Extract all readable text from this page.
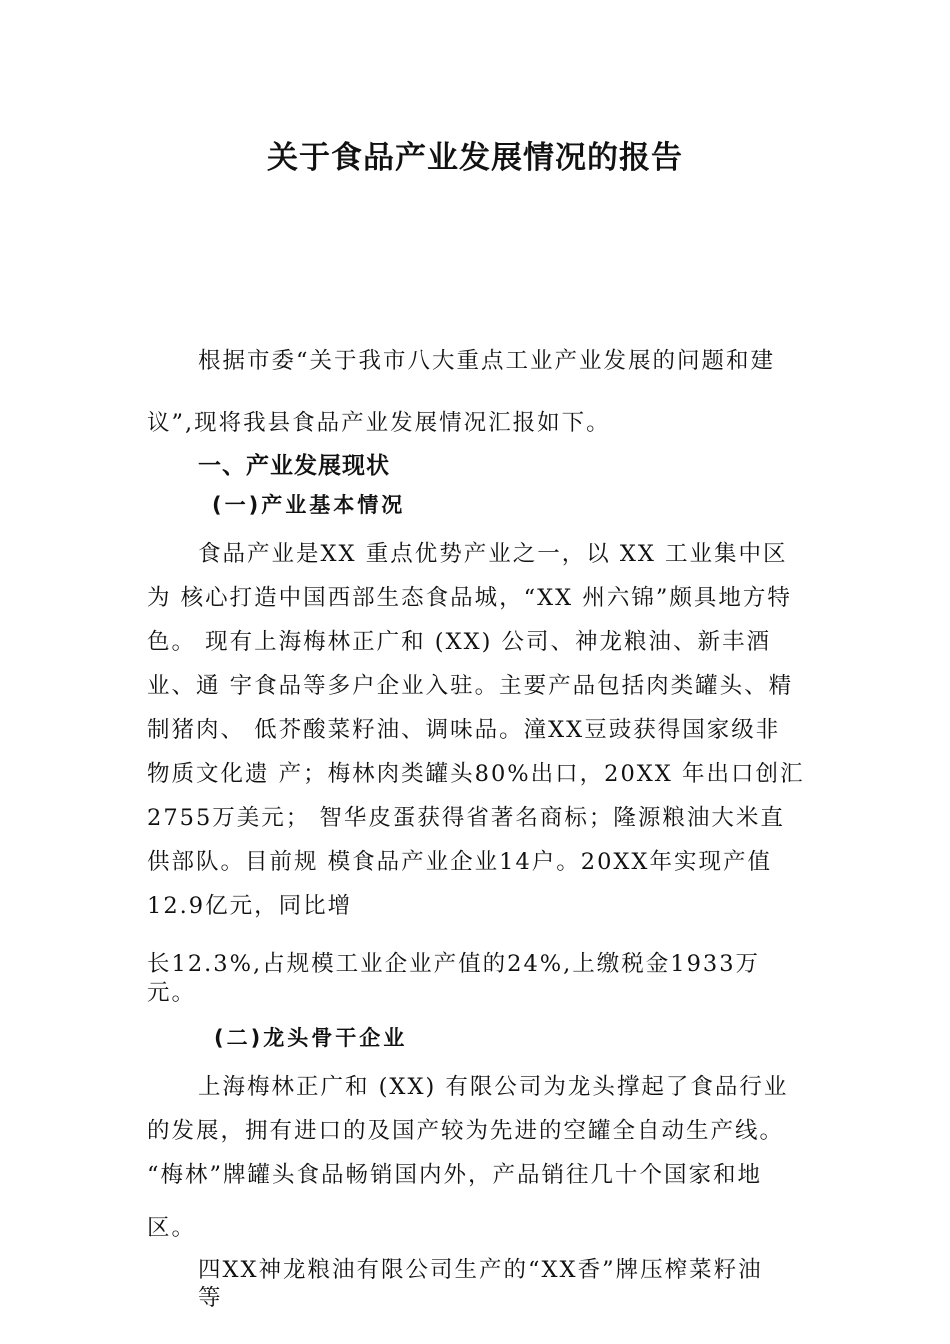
关于食品产业发展情况的报告
根据市委“关于我市八大重点工业产业发展的问题和建
议”,现将我县食品产业发展情况汇报如下。
一、产业发展现状
(一)产业基本情况
食品产业是XX 重点优势产业之一，以 XX 工业集中区
为 核心打造中国西部生态食品城，“XX 州六锦”颇具地方特
色。 现有上海梅林正广和 (XX) 公司、神龙粮油、新丰酒
业、通 宇食品等多户企业入驻。主要产品包括肉类罐头、精
制猪肉、 低芥酸菜籽油、调味品。潼XX豆豉获得国家级非
物质文化遗 产；梅林肉类罐头80%出口，20XX 年出口创汇
2755万美元； 智华皮蛋获得省著名商标；隆源粮油大米直
供部队。目前规 模食品产业企业14户。20XX年实现产值
12.9亿元，同比增
长12.3%,占规模工业企业产值的24%,上缴税金1933万
元。
(二)龙头骨干企业
上海梅林正广和 (XX) 有限公司为龙头撑起了食品行业
的发展，拥有进口的及国产较为先进的空罐全自动生产线。
“梅林”牌罐头食品畅销国内外，产品销往几十个国家和地
区。
四XX神龙粮油有限公司生产的“XX香”牌压榨菜籽油
等
